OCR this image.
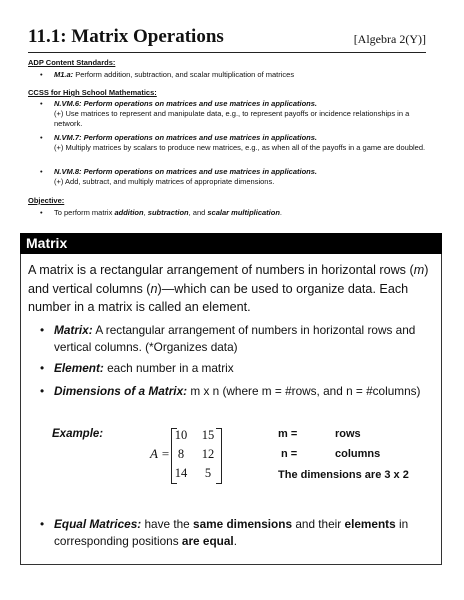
11.1: Matrix Operations	[Algebra 2(Y)]
ADP Content Standards:
• M1.a: Perform addition, subtraction, and scalar multiplication of matrices
CCSS for High School Mathematics:
• N.VM.6: Perform operations on matrices and use matrices in applications.
(+) Use matrices to represent and manipulate data, e.g., to represent payoffs or incidence relationships in a network.
• N.VM.7: Perform operations on matrices and use matrices in applications.
(+) Multiply matrices by scalars to produce new matrices, e.g., as when all of the payoffs in a game are doubled.
• N.VM.8: Perform operations on matrices and use matrices in applications.
(+) Add, subtract, and multiply matrices of appropriate dimensions.
Objective:
• To perform matrix addition, subtraction, and scalar multiplication.
Matrix
A matrix is a rectangular arrangement of numbers in horizontal rows (m) and vertical columns (n)—which can be used to organize data. Each number in a matrix is called an element.
• Matrix: A rectangular arrangement of numbers in horizontal rows and vertical columns. (*Organizes data)
• Element: each number in a matrix
• Dimensions of a Matrix: m x n (where m = #rows, and n = #columns)
Example:
A =
10	15
8	12
14	5
m =	rows
n =	columns
The dimensions are 3 x 2
• Equal Matrices: have the same dimensions and their elements in corresponding positions are equal.
